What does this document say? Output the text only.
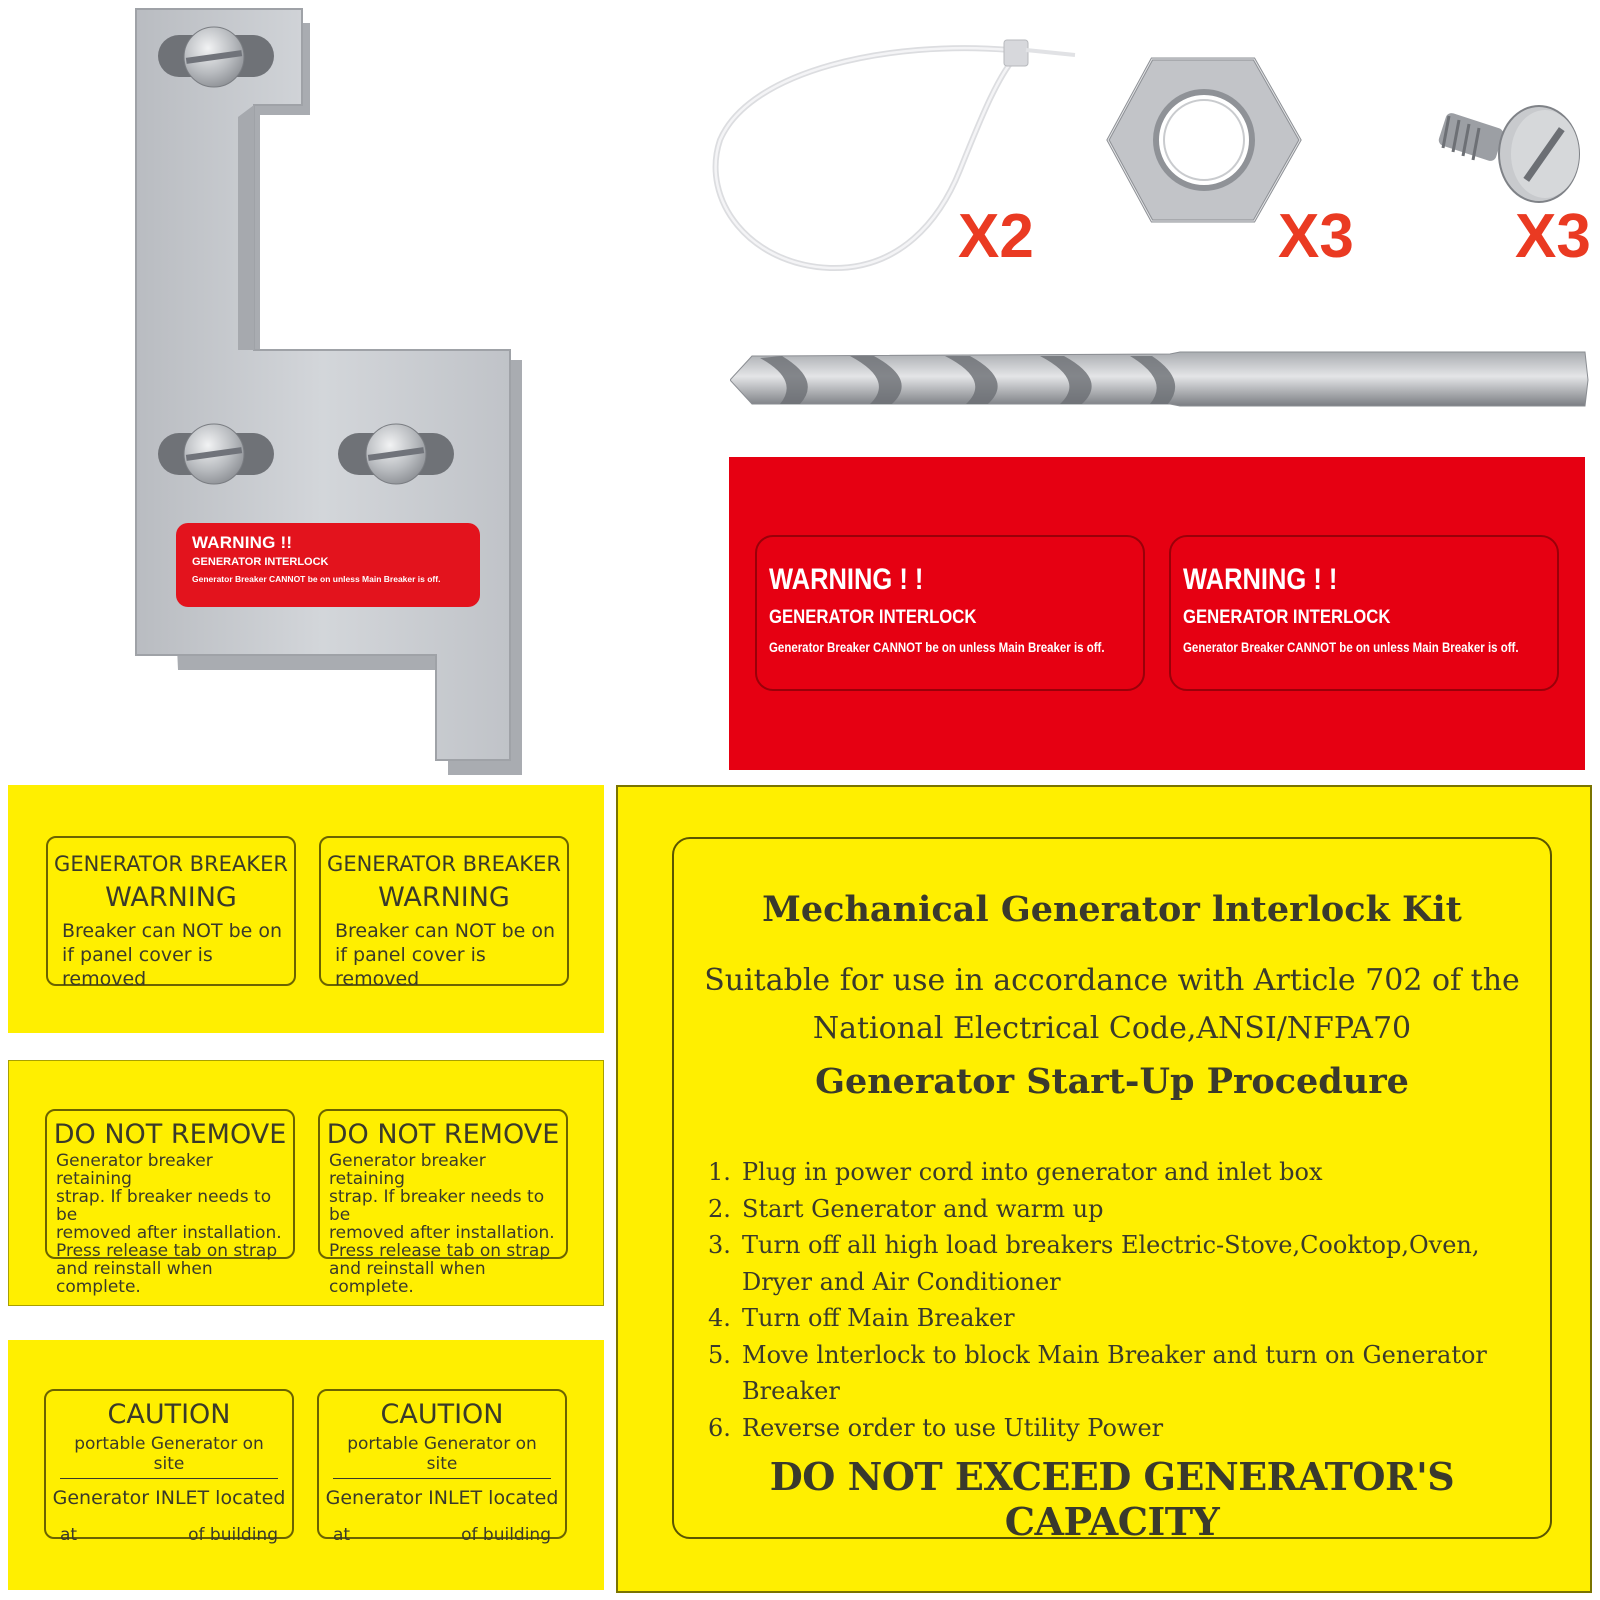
WARNING !!
GENERATOR INTERLOCK
Generator Breaker CANNOT be on unless Main Breaker is off.
X2	X3	X3
WARNING ! !
GENERATOR INTERLOCK
Generator Breaker CANNOT be on unless Main Breaker is off.
WARNING ! !
GENERATOR INTERLOCK
Generator Breaker CANNOT be on unless Main Breaker is off.
GENERATOR BREAKER
WARNING
Breaker can NOT be on
if panel cover is removed
GENERATOR BREAKER
WARNING
Breaker can NOT be on
if panel cover is removed
DO NOT REMOVE
Generator breaker retaining
strap. If breaker needs to be
removed after installation.
Press release tab on strap
and reinstall when complete.
DO NOT REMOVE
Generator breaker retaining
strap. If breaker needs to be
removed after installation.
Press release tab on strap
and reinstall when complete.
CAUTION
portable Generator on site
Generator INLET located
at	of building
CAUTION
portable Generator on site
Generator INLET located
at	of building
Mechanical Generator lnterlock Kit
Suitable for use in accordance with Article 702 of the
National Electrical Code,ANSI/NFPA70
Generator Start-Up Procedure
1. Plug in power cord into generator and inlet box
2. Start Generator and warm up
3. Turn off all high load breakers Electric-Stove,Cooktop,Oven,
Dryer and Air Conditioner
4. Turn off Main Breaker
5. Move lnterlock to block Main Breaker and turn on Generator Breaker
6. Reverse order to use Utility Power
DO NOT EXCEED GENERATOR'S CAPACITY
